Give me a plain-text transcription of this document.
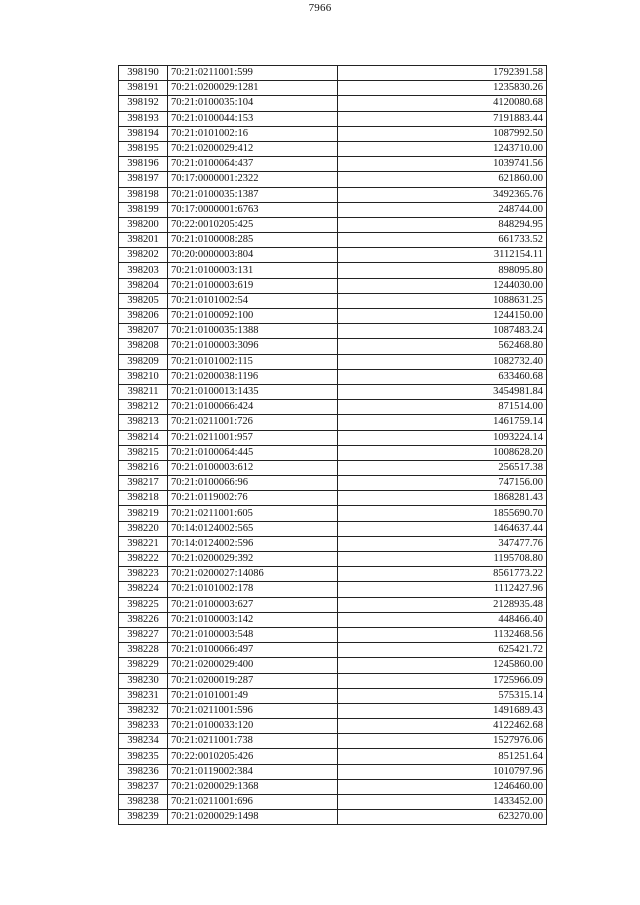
7966
398190	70:21:0211001:599	1792391.58
398191	70:21:0200029:1281	1235830.26
398192	70:21:0100035:104	4120080.68
398193	70:21:0100044:153	7191883.44
398194	70:21:0101002:16	1087992.50
398195	70:21:0200029:412	1243710.00
398196	70:21:0100064:437	1039741.56
398197	70:17:0000001:2322	621860.00
398198	70:21:0100035:1387	3492365.76
398199	70:17:0000001:6763	248744.00
398200	70:22:0010205:425	848294.95
398201	70:21:0100008:285	661733.52
398202	70:20:0000003:804	3112154.11
398203	70:21:0100003:131	898095.80
398204	70:21:0100003:619	1244030.00
398205	70:21:0101002:54	1088631.25
398206	70:21:0100092:100	1244150.00
398207	70:21:0100035:1388	1087483.24
398208	70:21:0100003:3096	562468.80
398209	70:21:0101002:115	1082732.40
398210	70:21:0200038:1196	633460.68
398211	70:21:0100013:1435	3454981.84
398212	70:21:0100066:424	871514.00
398213	70:21:0211001:726	1461759.14
398214	70:21:0211001:957	1093224.14
398215	70:21:0100064:445	1008628.20
398216	70:21:0100003:612	256517.38
398217	70:21:0100066:96	747156.00
398218	70:21:0119002:76	1868281.43
398219	70:21:0211001:605	1855690.70
398220	70:14:0124002:565	1464637.44
398221	70:14:0124002:596	347477.76
398222	70:21:0200029:392	1195708.80
398223	70:21:0200027:14086	8561773.22
398224	70:21:0101002:178	1112427.96
398225	70:21:0100003:627	2128935.48
398226	70:21:0100003:142	448466.40
398227	70:21:0100003:548	1132468.56
398228	70:21:0100066:497	625421.72
398229	70:21:0200029:400	1245860.00
398230	70:21:0200019:287	1725966.09
398231	70:21:0101001:49	575315.14
398232	70:21:0211001:596	1491689.43
398233	70:21:0100033:120	4122462.68
398234	70:21:0211001:738	1527976.06
398235	70:22:0010205:426	851251.64
398236	70:21:0119002:384	1010797.96
398237	70:21:0200029:1368	1246460.00
398238	70:21:0211001:696	1433452.00
398239	70:21:0200029:1498	623270.00
